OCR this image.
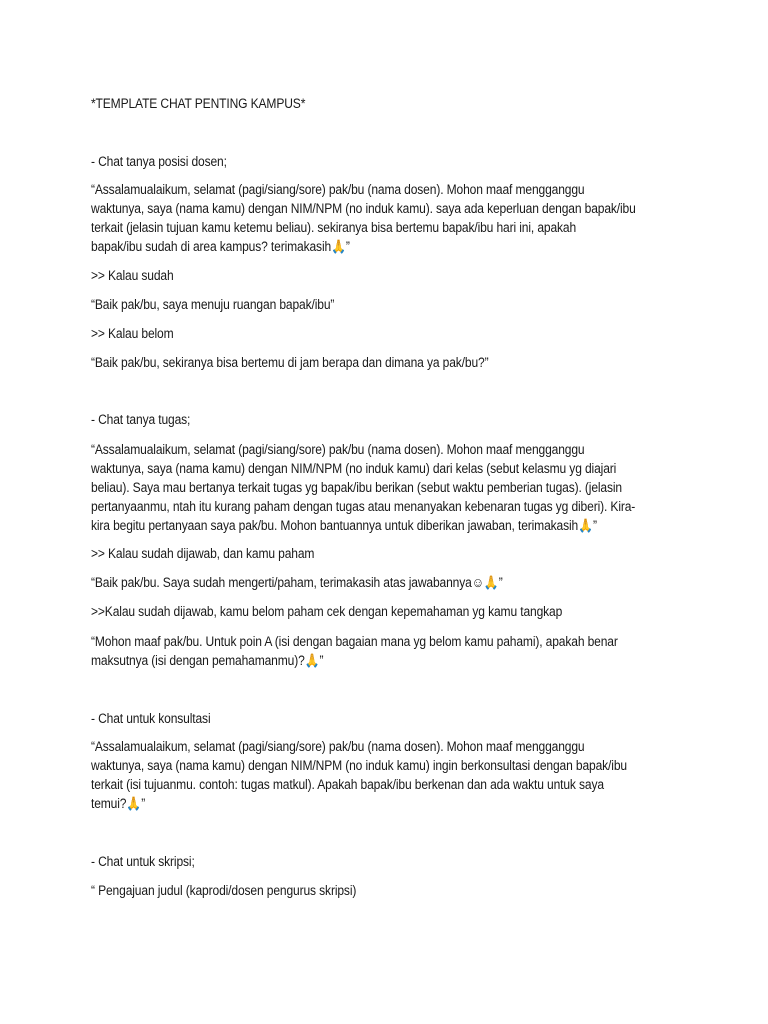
*TEMPLATE CHAT PENTING KAMPUS*
- Chat tanya posisi dosen;
“Assalamualaikum, selamat (pagi/siang/sore) pak/bu (nama dosen). Mohon maaf mengganggu
waktunya, saya (nama kamu) dengan NIM/NPM (no induk kamu). saya ada keperluan dengan bapak/ibu
terkait (jelasin tujuan kamu ketemu beliau). sekiranya bisa bertemu bapak/ibu hari ini, apakah
bapak/ibu sudah di area kampus? terimakasih🙏”
>> Kalau sudah
“Baik pak/bu, saya menuju ruangan bapak/ibu”
>> Kalau belom
“Baik pak/bu, sekiranya bisa bertemu di jam berapa dan dimana ya pak/bu?”
- Chat tanya tugas;
“Assalamualaikum, selamat (pagi/siang/sore) pak/bu (nama dosen). Mohon maaf mengganggu
waktunya, saya (nama kamu) dengan NIM/NPM (no induk kamu) dari kelas (sebut kelasmu yg diajari
beliau). Saya mau bertanya terkait tugas yg bapak/ibu berikan (sebut waktu pemberian tugas). (jelasin
pertanyaanmu, ntah itu kurang paham dengan tugas atau menanyakan kebenaran tugas yg diberi). Kira-
kira begitu pertanyaan saya pak/bu. Mohon bantuannya untuk diberikan jawaban, terimakasih🙏”
>> Kalau sudah dijawab, dan kamu paham
“Baik pak/bu. Saya sudah mengerti/paham, terimakasih atas jawabannya☺🙏”
>>Kalau sudah dijawab, kamu belom paham cek dengan kepemahaman yg kamu tangkap
“Mohon maaf pak/bu. Untuk poin A (isi dengan bagaian mana yg belom kamu pahami), apakah benar
maksutnya (isi dengan pemahamanmu)?🙏”
- Chat untuk konsultasi
“Assalamualaikum, selamat (pagi/siang/sore) pak/bu (nama dosen). Mohon maaf mengganggu
waktunya, saya (nama kamu) dengan NIM/NPM (no induk kamu) ingin berkonsultasi dengan bapak/ibu
terkait (isi tujuanmu. contoh: tugas matkul). Apakah bapak/ibu berkenan dan ada waktu untuk saya
temui?🙏”
- Chat untuk skripsi;
“ Pengajuan judul (kaprodi/dosen pengurus skripsi)
